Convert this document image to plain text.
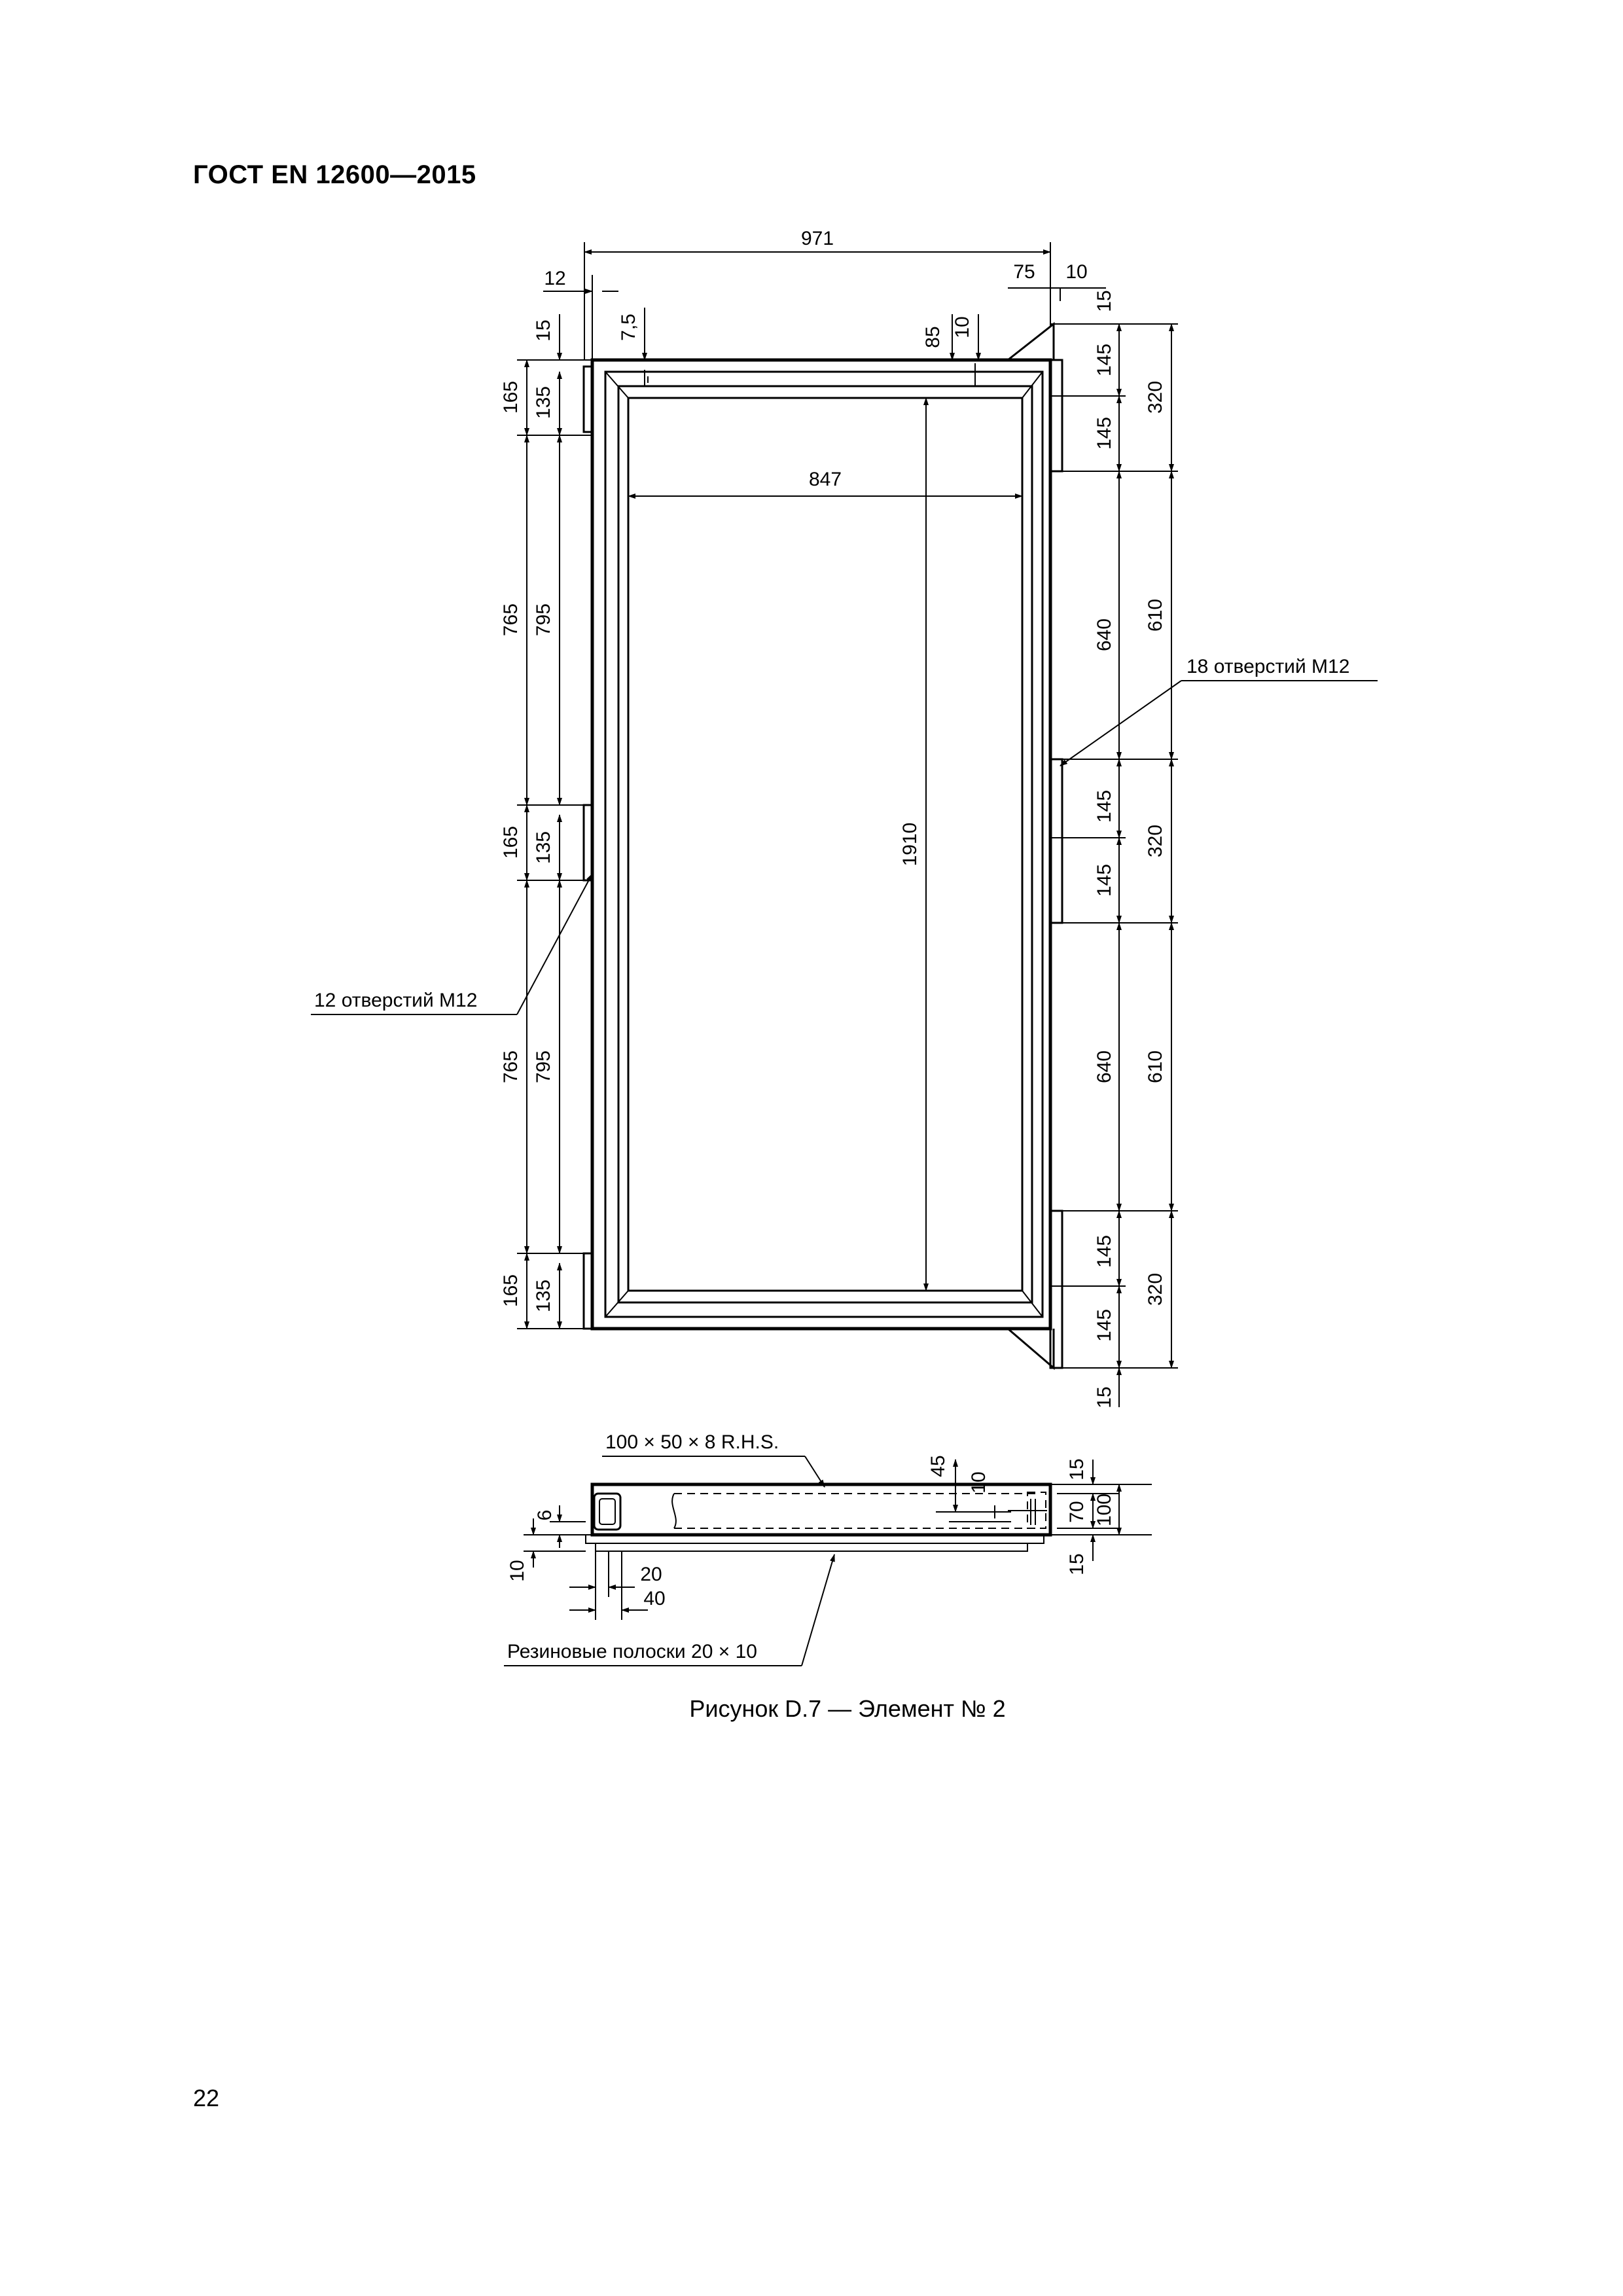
ГОСТ EN 12600—2015
971
12
7,5
75 10
85 10
847
1910
165
765
165
765
165
15
135
795
135
795
135
15
145
145
640
145
145
640
145
145
15
320
610
320
610
320
18 отверстий M12
12 отверстий M12
100 × 50 × 8 R.H.S.
45
10
15
70 100
15
6
10	20
40
Резиновые полоски 20 × 10
Рисунок D.7 — Элемент № 2
22
